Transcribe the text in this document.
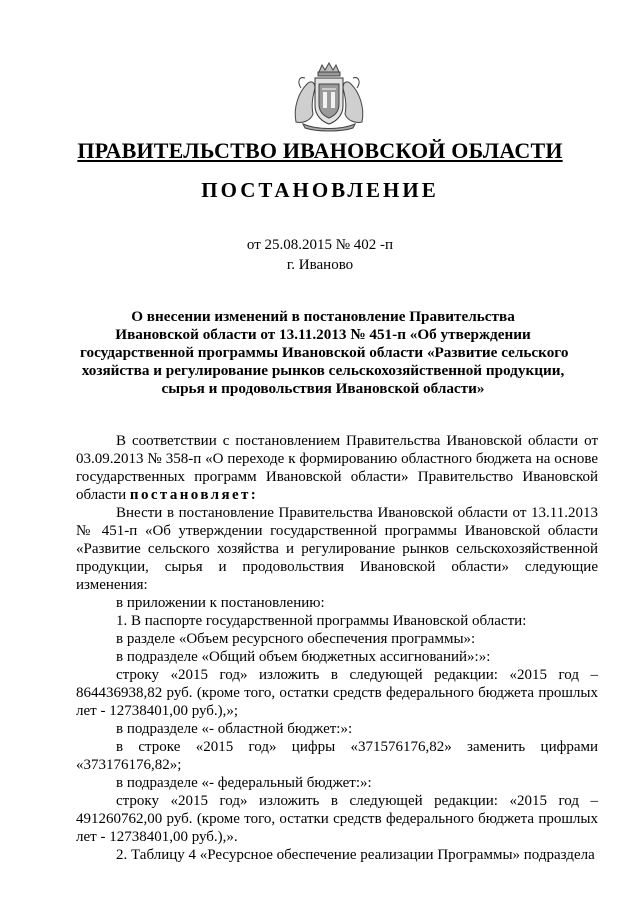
ПРАВИТЕЛЬСТВО ИВАНОВСКОЙ ОБЛАСТИ
ПОСТАНОВЛЕНИЕ
от 25.08.2015 № 402 -п
г. Иваново
О внесении изменений в постановление Правительства
Ивановской области от 13.11.2013 № 451-п «Об утверждении
государственной программы Ивановской области «Развитие сельского
хозяйства и регулирование рынков сельскохозяйственной продукции,
сырья и продовольствия Ивановской области»

В соответствии с постановлением Правительства Ивановской области от 03.09.2013 № 358-п «О переходе к формированию областного бюджета на основе государственных программ Ивановской области» Правительство Ивановской области постановляет:

Внести в постановление Правительства Ивановской области от 13.11.2013 № 451-п «Об утверждении государственной программы Ивановской области «Развитие сельского хозяйства и регулирование рынков сельскохозяйственной продукции, сырья и продовольствия Ивановской области» следующие изменения:

в приложении к постановлению:

1. В паспорте государственной программы Ивановской области:

в разделе «Объем ресурсного обеспечения программы»:

в подразделе «Общий объем бюджетных ассигнований»:»:

строку «2015 год» изложить в следующей редакции: «2015 год – 864436938,82 руб. (кроме того, остатки средств федерального бюджета прошлых лет - 12738401,00 руб.),»;

в подразделе «- областной бюджет:»:

в строке «2015 год» цифры «371576176,82» заменить цифрами «373176176,82»;

в подразделе «- федеральный бюджет:»:

строку «2015 год» изложить в следующей редакции: «2015 год – 491260762,00 руб. (кроме того, остатки средств федерального бюджета прошлых лет - 12738401,00 руб.),».

2. Таблицу 4 «Ресурсное обеспечение реализации Программы» подраздела
